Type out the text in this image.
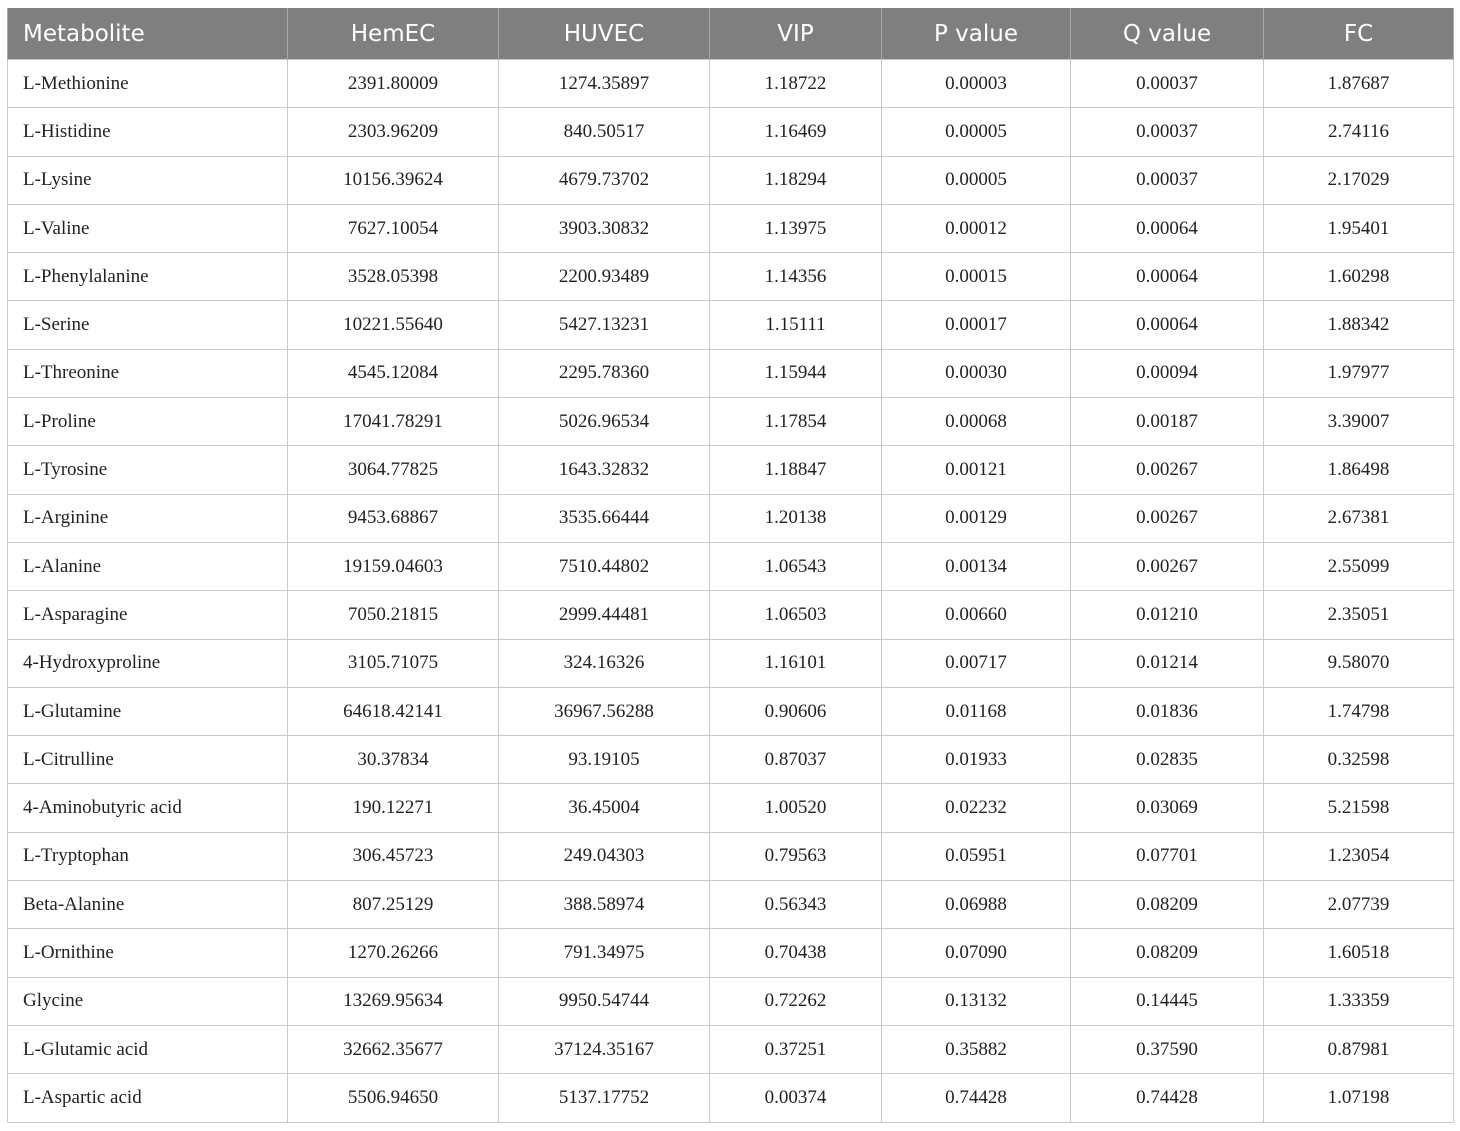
Metabolite	HemEC	HUVEC	VIP	P value	Q value	FC
L-Methionine	2391.80009	1274.35897	1.18722	0.00003	0.00037	1.87687
L-Histidine	2303.96209	840.50517	1.16469	0.00005	0.00037	2.74116
L-Lysine	10156.39624	4679.73702	1.18294	0.00005	0.00037	2.17029
L-Valine	7627.10054	3903.30832	1.13975	0.00012	0.00064	1.95401
L-Phenylalanine	3528.05398	2200.93489	1.14356	0.00015	0.00064	1.60298
L-Serine	10221.55640	5427.13231	1.15111	0.00017	0.00064	1.88342
L-Threonine	4545.12084	2295.78360	1.15944	0.00030	0.00094	1.97977
L-Proline	17041.78291	5026.96534	1.17854	0.00068	0.00187	3.39007
L-Tyrosine	3064.77825	1643.32832	1.18847	0.00121	0.00267	1.86498
L-Arginine	9453.68867	3535.66444	1.20138	0.00129	0.00267	2.67381
L-Alanine	19159.04603	7510.44802	1.06543	0.00134	0.00267	2.55099
L-Asparagine	7050.21815	2999.44481	1.06503	0.00660	0.01210	2.35051
4-Hydroxyproline	3105.71075	324.16326	1.16101	0.00717	0.01214	9.58070
L-Glutamine	64618.42141	36967.56288	0.90606	0.01168	0.01836	1.74798
L-Citrulline	30.37834	93.19105	0.87037	0.01933	0.02835	0.32598
4-Aminobutyric acid	190.12271	36.45004	1.00520	0.02232	0.03069	5.21598
L-Tryptophan	306.45723	249.04303	0.79563	0.05951	0.07701	1.23054
Beta-Alanine	807.25129	388.58974	0.56343	0.06988	0.08209	2.07739
L-Ornithine	1270.26266	791.34975	0.70438	0.07090	0.08209	1.60518
Glycine	13269.95634	9950.54744	0.72262	0.13132	0.14445	1.33359
L-Glutamic acid	32662.35677	37124.35167	0.37251	0.35882	0.37590	0.87981
L-Aspartic acid	5506.94650	5137.17752	0.00374	0.74428	0.74428	1.07198
